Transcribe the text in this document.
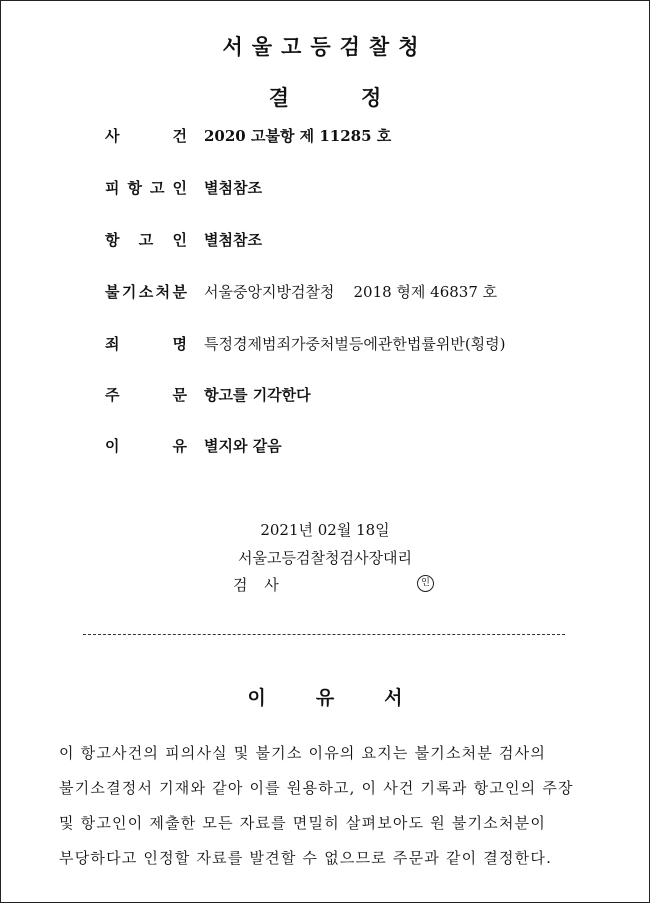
서울고등검찰청
결	정
2021년 02월 18일
서울고등검찰청검사장대리
검 사	인
이	유	서
이 항고사건의 피의사실 및 불기소 이유의 요지는 불기소처분 검사의
불기소결정서 기재와 같아 이를 원용하고, 이 사건 기록과 항고인의 주장
및 항고인이 제출한 모든 자료를 면밀히 살펴보아도 원 불기소처분이
부당하다고 인정할 자료를 발견할 수 없으므로 주문과 같이 결정한다.
사	건 2020 고불항 제 11285 호
피 항 고 인 별첨참조
항 고 인 별첨참조
불 기 소 처 분 서울중앙지방검찰청    2018 형제 46837 호
죄	명 특정경제범죄가중처벌등에관한법률위반(횡령)
주	문 항고를 기각한다
이	유 별지와 같음
